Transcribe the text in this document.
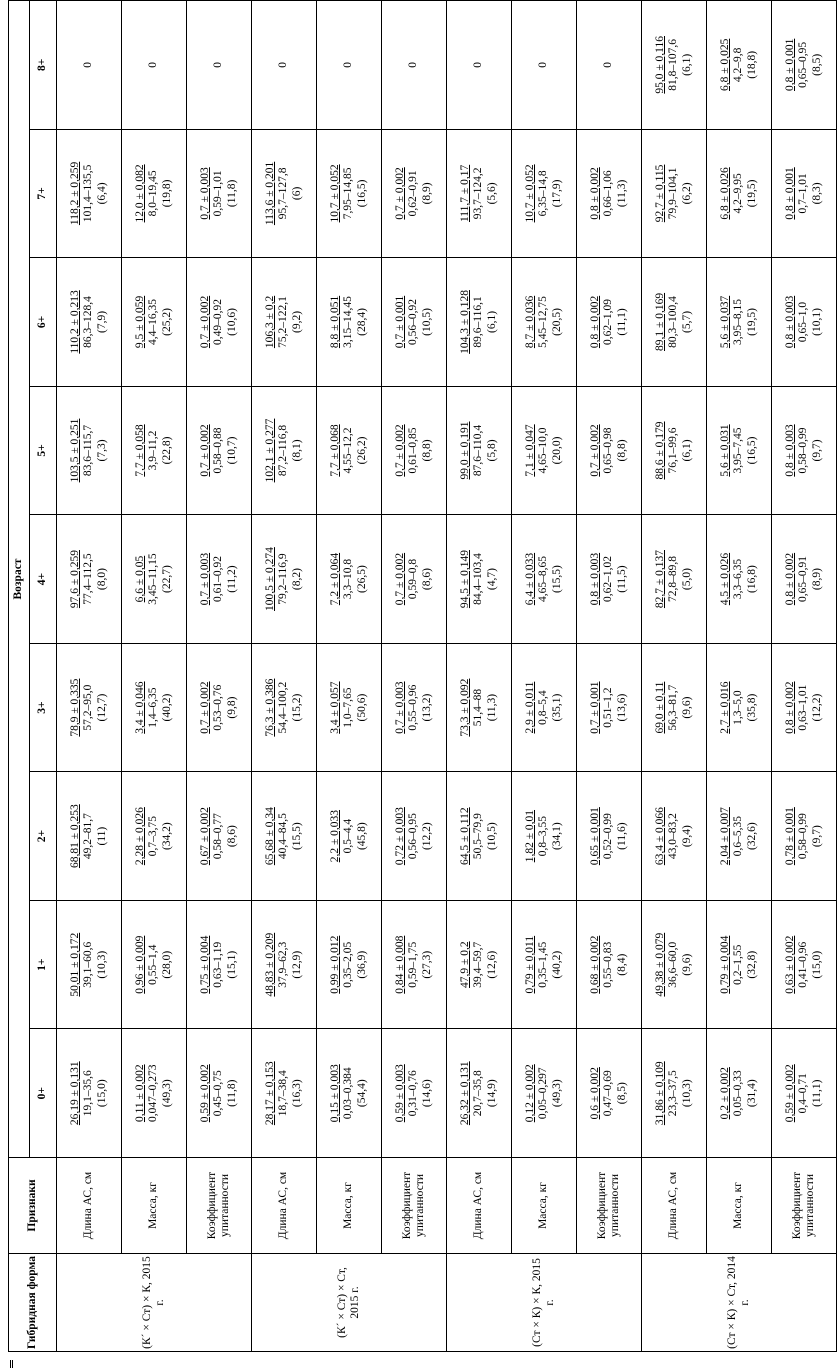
Гибридная форма	Признаки	Возраст								
		0+	1+	2+	3+	4+	5+	6+	7+	8+
(К´ × Ст) × К, 2015 г.	Длина АС, см	26,19 ± 0,131 19,1–35,6 (15,0)	50,01 ± 0,172 39,1–60,6 (10,3)	68,81 ± 0,253 49,2–81,7 (11)	78,9 ± 0,335 57,2–95,0 (12,7)	97,6 ± 0,259 77,4–112,5 (8,0)	103,5 ± 0,251 83,6–115,7 (7,3)	110,2 ± 0,213 86,3–128,4 (7,9)	118,2 ± 0,259 101,4–135,5 (6,4)	0

	Масса, кг	0,11 ± 0,002 0,047–0,273 (49,3)	0,96 ± 0,009 0,55–1,4 (28,0)	2,28 ± 0,026 0,7–3,75 (34,2)	3,4 ± 0,046 1,4–6,35 (40,2)	6,6 ± 0,05 3,45–11,15 (22,7)	7,7 ± 0,058 3,9–11,2 (22,8)	9,5 ± 0,059 4,4–16,35 (25,2)	12,0 ± 0,082 8,0–19,45 (19,8)	0

	Коэффициент упитанности	0,59 ± 0,002 0,45–0,75 (11,8)	0,75 ± 0,004 0,63–1,19 (15,1)	0,67 ± 0,002 0,58–0,77 (8,6)	0,7 ± 0,002 0,53–0,76 (9,8)	0,7 ± 0,003 0,61–0,92 (11,2)	0,7 ± 0,002 0,58–0,88 (10,7)	0,7 ± 0,002 0,49–0,92 (10,6)	0,7 ± 0,003 0,59–1,01 (11,8)	0

(К´ × Ст) × Ст, 2015 г.	Длина АС, см	28,17 ± 0,153 18,7–38,4 (16,3)	48,83 ± 0,209 37,9–62,3 (12,9)	65,68 ± 0,34 40,4–84,5 (15,5)	76,3 ± 0,386 54,4–100,2 (15,2)	100,5 ± 0,274 79,2–116,9 (8,2)	102,1 ± 0,277 87,2–116,8 (8,1)	106,3 ± 0,2 75,2–122,1 (9,2)	113,6 ± 0,201 95,7–127,8 (6)	0

	Масса, кг	0,15 ± 0,003 0,03–0,384 (54,4)	0,99 ± 0,012 0,35–2,05 (36,9)	2,2 ± 0,033 0,5–4,4 (45,8)	3,4 ± 0,057 1,0–7,65 (50,6)	7,2 ± 0,064 3,3–10,8 (26,5)	7,7 ± 0,068 4,55–12,2 (26,2)	8,8 ± 0,051 3,15–14,45 (28,4)	10,7 ± 0,052 7,95–14,85 (16,5)	0

	Коэффициент упитанности	0,59 ± 0,003 0,31–0,76 (14,6)	0,84 ± 0,008 0,59–1,75 (27,3)	0,72 ± 0,003 0,56–0,95 (12,2)	0,7 ± 0,003 0,55–0,96 (13,2)	0,7 ± 0,002 0,59–0,8 (8,6)	0,7 ± 0,002 0,61–0,85 (8,8)	0,7 ± 0,001 0,56–0,92 (10,5)	0,7 ± 0,002 0,62–0,91 (8,9)	0

(Ст × К) × К, 2015 г.	Длина АС, см	26,32 ± 0,131 20,7–35,8 (14,9)	47,9 ± 0,2 39,4–59,7 (12,6)	64,5 ± 0,112 50,5–79,9 (10,5)	73,3 ± 0,092 51,4–88 (11,3)	94,5 ± 0,149 84,4–103,4 (4,7)	99,0 ± 0,191 87,6–110,4 (5,8)	104,3 ± 0,128 89,6–116,1 (6,1)	111,7 ± 0,17 93,7–124,2 (5,6)	0

	Масса, кг	0,12 ± 0,002 0,05–0,297 (49,3)	0,79 ± 0,011 0,35–1,45 (40,2)	1,82 ± 0,01 0,8–3,55 (34,1)	2,9 ± 0,011 0,8–5,4 (35,1)	6,4 ± 0,033 4,65–8,65 (15,5)	7,1 ± 0,047 4,65–10,0 (20,0)	8,7 ± 0,036 5,45–12,75 (20,5)	10,7 ± 0,052 6,35–14,8 (17,9)	0

	Коэффициент упитанности	0,6 ± 0,002 0,47–0,69 (8,5)	0,68 ± 0,002 0,55–0,83 (8,4)	0,65 ± 0,001 0,52–0,99 (11,6)	0,7 ± 0,001 0,51–1,2 (13,6)	0,8 ± 0,003 0,62–1,02 (11,5)	0,7 ± 0,002 0,65–0,98 (8,8)	0,8 ± 0,002 0,62–1,09 (11,1)	0,8 ± 0,002 0,66–1,06 (11,3)	0

(Ст × К) × Ст, 2014 г.	Длина АС, см	31,86 ± 0,109 23,3–37,5 (10,3)	49,38 ± 0,079 36,6–60,0 (9,6)	63,4 ± 0,066 43,0–83,2 (9,4)	69,0 ± 0,11 56,3–81,7 (9,6)	82,7 ± 0,137 72,8–89,8 (5,0)	88,6 ± 0,179 76,1–99,6 (6,1)	89,1 ± 0,169 80,3–100,4 (5,7)	92,7 ± 0,115 79,9–104,1 (6,2)	95,0 ± 0,116 81,8–107,6 (6,1)

	Масса, кг	0,2 ± 0,002 0,05–0,33 (31,4)	0,79 ± 0,004 0,2–1,55 (32,8)	2,04 ± 0,007 0,6–5,35 (32,6)	2,7 ± 0,016 1,3–5,0 (35,8)	4,5 ± 0,026 3,3–6,35 (16,8)	5,6 ± 0,031 3,95–7,45 (16,5)	5,6 ± 0,037 3,95–8,15 (19,5)	6,8 ± 0,026 4,2–9,95 (19,5)	6,8 ± 0,025 4,2–9,8 (18,8)

	Коэффициент упитанности	0,59 ± 0,002 0,4–0,71 (11,1)	0,63 ± 0,002 0,41–0,96 (15,0)	0,78 ± 0,001 0,58–0,99 (9,7)	0,8 ± 0,002 0,63–1,01 (12,2)	0,8 ± 0,002 0,65–0,91 (8,9)	0,8 ± 0,003 0,58–0,99 (9,7)	0,8 ± 0,003 0,65–1,0 (10,1)	0,8 ± 0,001 0,7–1,01 (8,3)	0,8 ± 0,001 0,65–0,95 (8,5)
